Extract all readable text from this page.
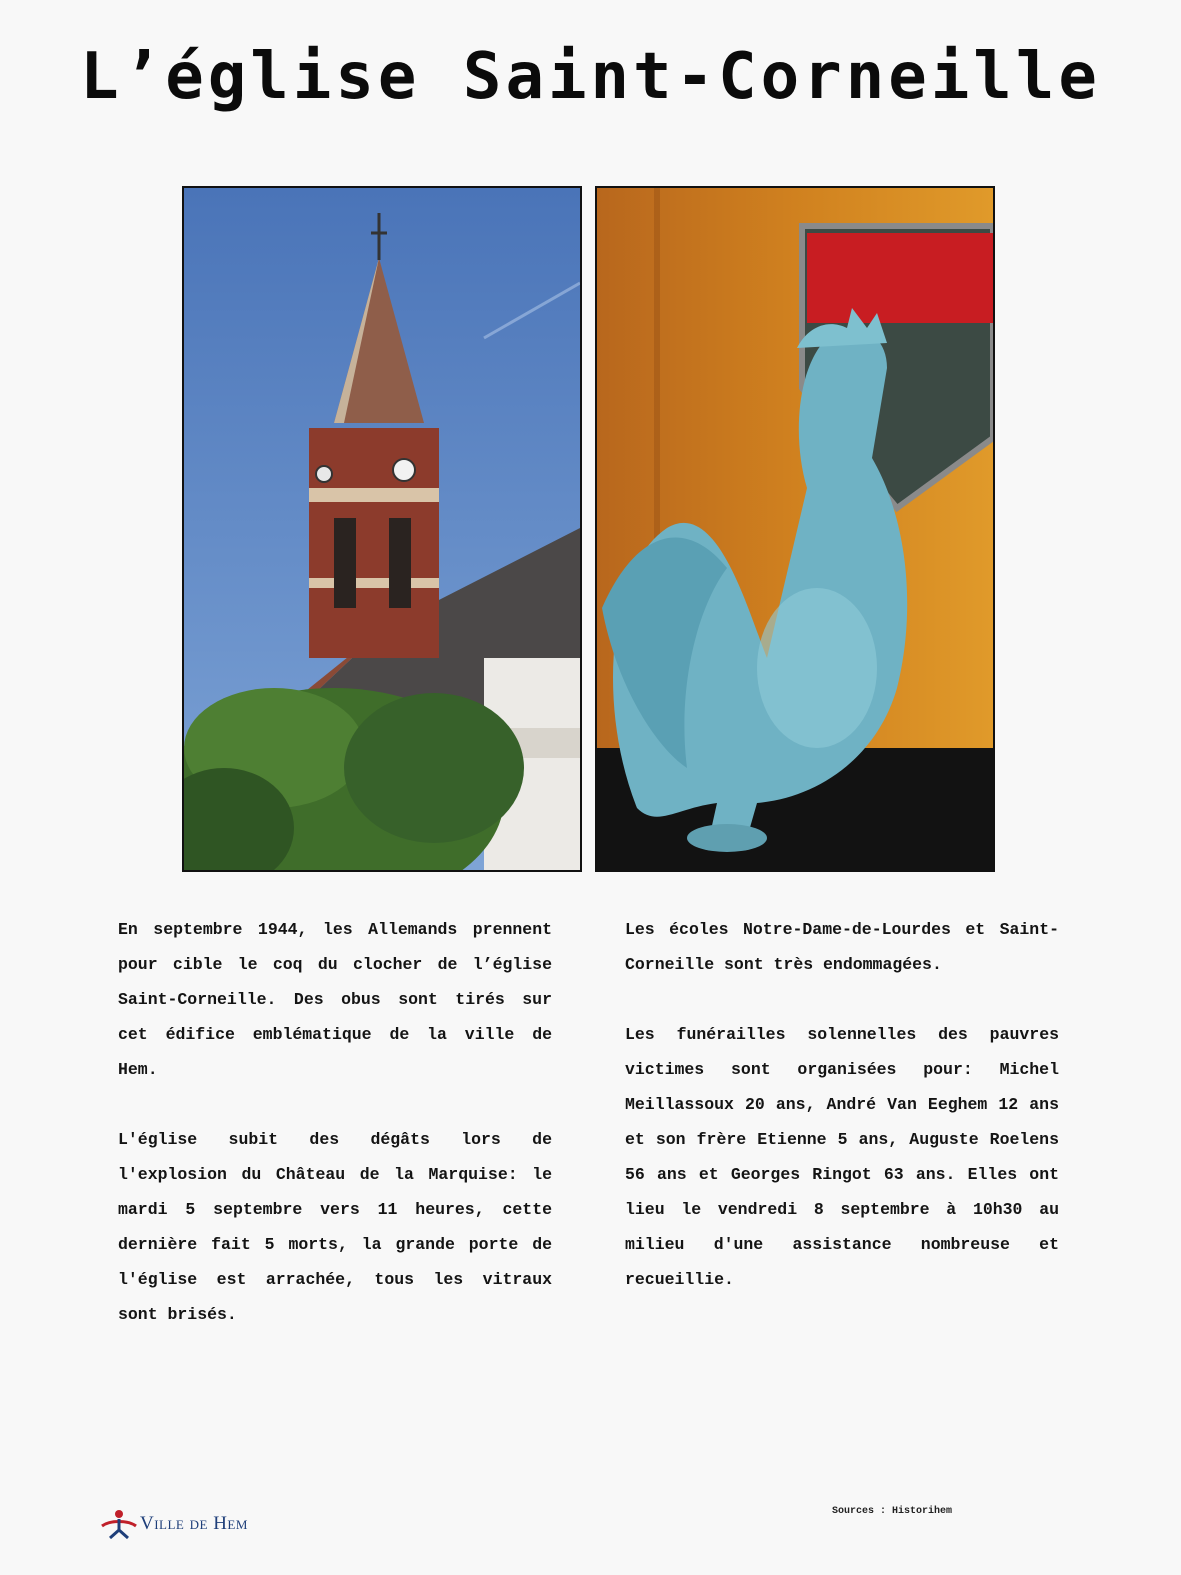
L’église Saint-Corneille

En septembre 1944, les Allemands prennent pour cible le coq du clocher de l’église Saint-Corneille. Des obus sont tirés sur cet édifice emblématique de la ville de Hem.

L'église subit des dégâts lors de l'explosion du Château de la Marquise: le mardi 5 septembre vers 11 heures, cette dernière fait 5 morts, la grande porte de l'église est arrachée, tous les vitraux sont brisés.

Les écoles Notre-Dame-de-Lourdes et Saint-Corneille sont très endommagées.

Les funérailles solennelles des pauvres victimes sont organisées pour: Michel Meillassoux 20 ans, André Van Eeghem 12 ans et son frère Etienne 5 ans, Auguste Roelens 56 ans et Georges Ringot 63 ans. Elles ont lieu le vendredi 8 septembre à 10h30 au milieu d'une assistance nombreuse et recueillie.

Ville de Hem
Sources : Historihem
